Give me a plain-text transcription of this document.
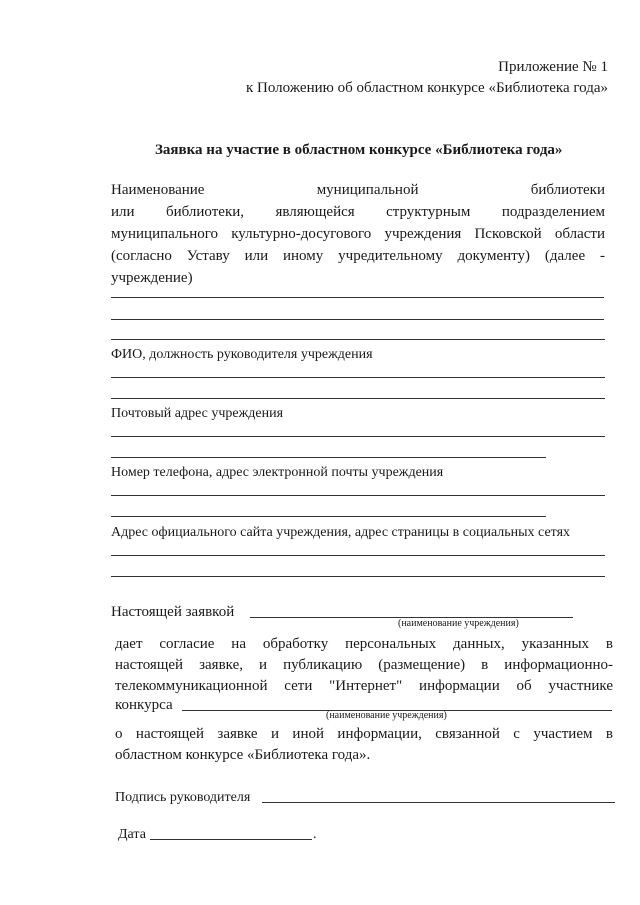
Приложение № 1
к Положению об областном конкурсе «Библиотека года»
Заявка на участие в областном конкурсе «Библиотека года»
Наименование муниципальной библиотеки
или библиотеки, являющейся структурным подразделением
муниципального культурно-досугового учреждения Псковской области
(согласно Уставу или иному учредительному документу) (далее -
учреждение)
ФИО, должность руководителя учреждения
Почтовый адрес учреждения
Номер телефона, адрес электронной почты учреждения
Адрес официального сайта учреждения, адрес страницы в социальных сетях
Настоящей заявкой
(наименование учреждения)
дает согласие на обработку персональных данных, указанных в
настоящей заявке, и публикацию (размещение) в информационно-
телекоммуникационной сети "Интернет" информации об участнике
конкурса
(наименование учреждения)
о настоящей заявке и иной информации, связанной с участием в
областном конкурсе «Библиотека года».
Подпись руководителя
Дата	.
